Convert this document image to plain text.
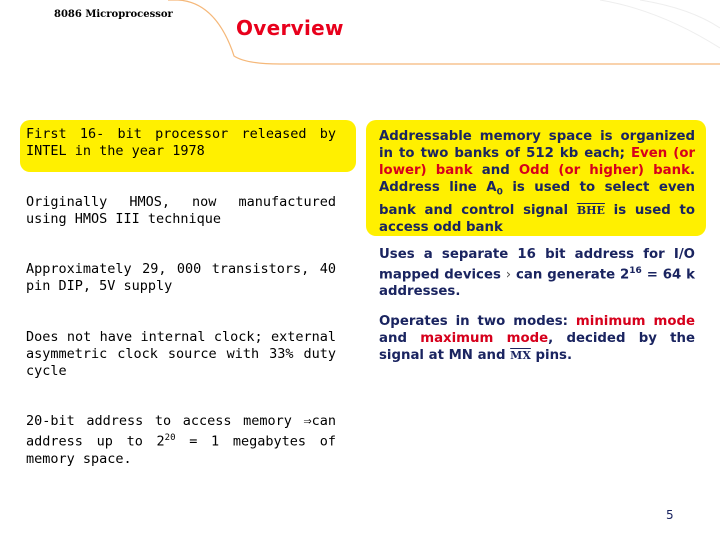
8086 Microprocessor
Overview

First 16- bit processor released by INTEL in the year 1978

Originally HMOS, now manufactured using HMOS III technique

Approximately 29, 000 transistors, 40 pin DIP, 5V supply

Does not have internal clock; external asymmetric clock source with 33% duty cycle

20-bit address to access memory ⇒can address up to $2^{20} = 1$ megabytes of memory space.

Addressable memory space is organized in to two banks of 512 kb each; Even (or lower) bank and Odd (or higher) bank. Address line $A_0$ is used to select even bank and control signal $\overline{BHE}$ is used to access odd bank

Uses a separate 16 bit address for I/O mapped devices › can generate $2^{16} = 64$ k addresses.

Operates in two modes: minimum mode and maximum mode, decided by the signal at MN and $\overline{MX}$ pins.

5
